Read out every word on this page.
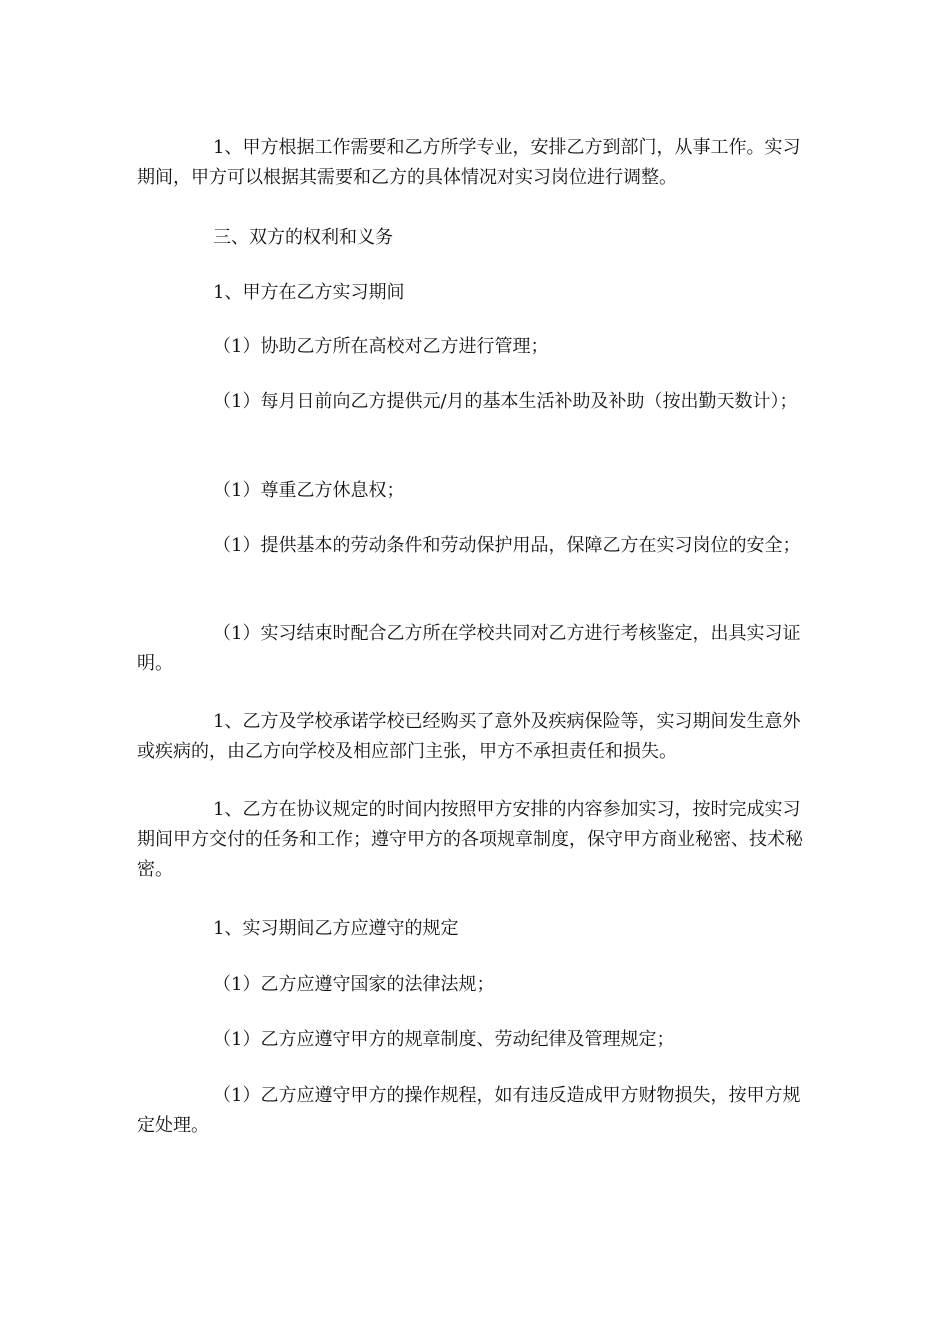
1、甲方根据工作需要和乙方所学专业，安排乙方到部门，从事工作。实习期间，甲方可以根据其需要和乙方的具体情况对实习岗位进行调整。

三、双方的权利和义务

1、甲方在乙方实习期间

（1）协助乙方所在高校对乙方进行管理；

（1）每月日前向乙方提供元/月的基本生活补助及补助（按出勤天数计）；

（1）尊重乙方休息权；

（1）提供基本的劳动条件和劳动保护用品，保障乙方在实习岗位的安全；

（1）实习结束时配合乙方所在学校共同对乙方进行考核鉴定，出具实习证明。

1、乙方及学校承诺学校已经购买了意外及疾病保险等，实习期间发生意外或疾病的，由乙方向学校及相应部门主张，甲方不承担责任和损失。

1、乙方在协议规定的时间内按照甲方安排的内容参加实习，按时完成实习期间甲方交付的任务和工作；遵守甲方的各项规章制度，保守甲方商业秘密、技术秘密。

1、实习期间乙方应遵守的规定

（1）乙方应遵守国家的法律法规；

（1）乙方应遵守甲方的规章制度、劳动纪律及管理规定；

（1）乙方应遵守甲方的操作规程，如有违反造成甲方财物损失，按甲方规定处理。
